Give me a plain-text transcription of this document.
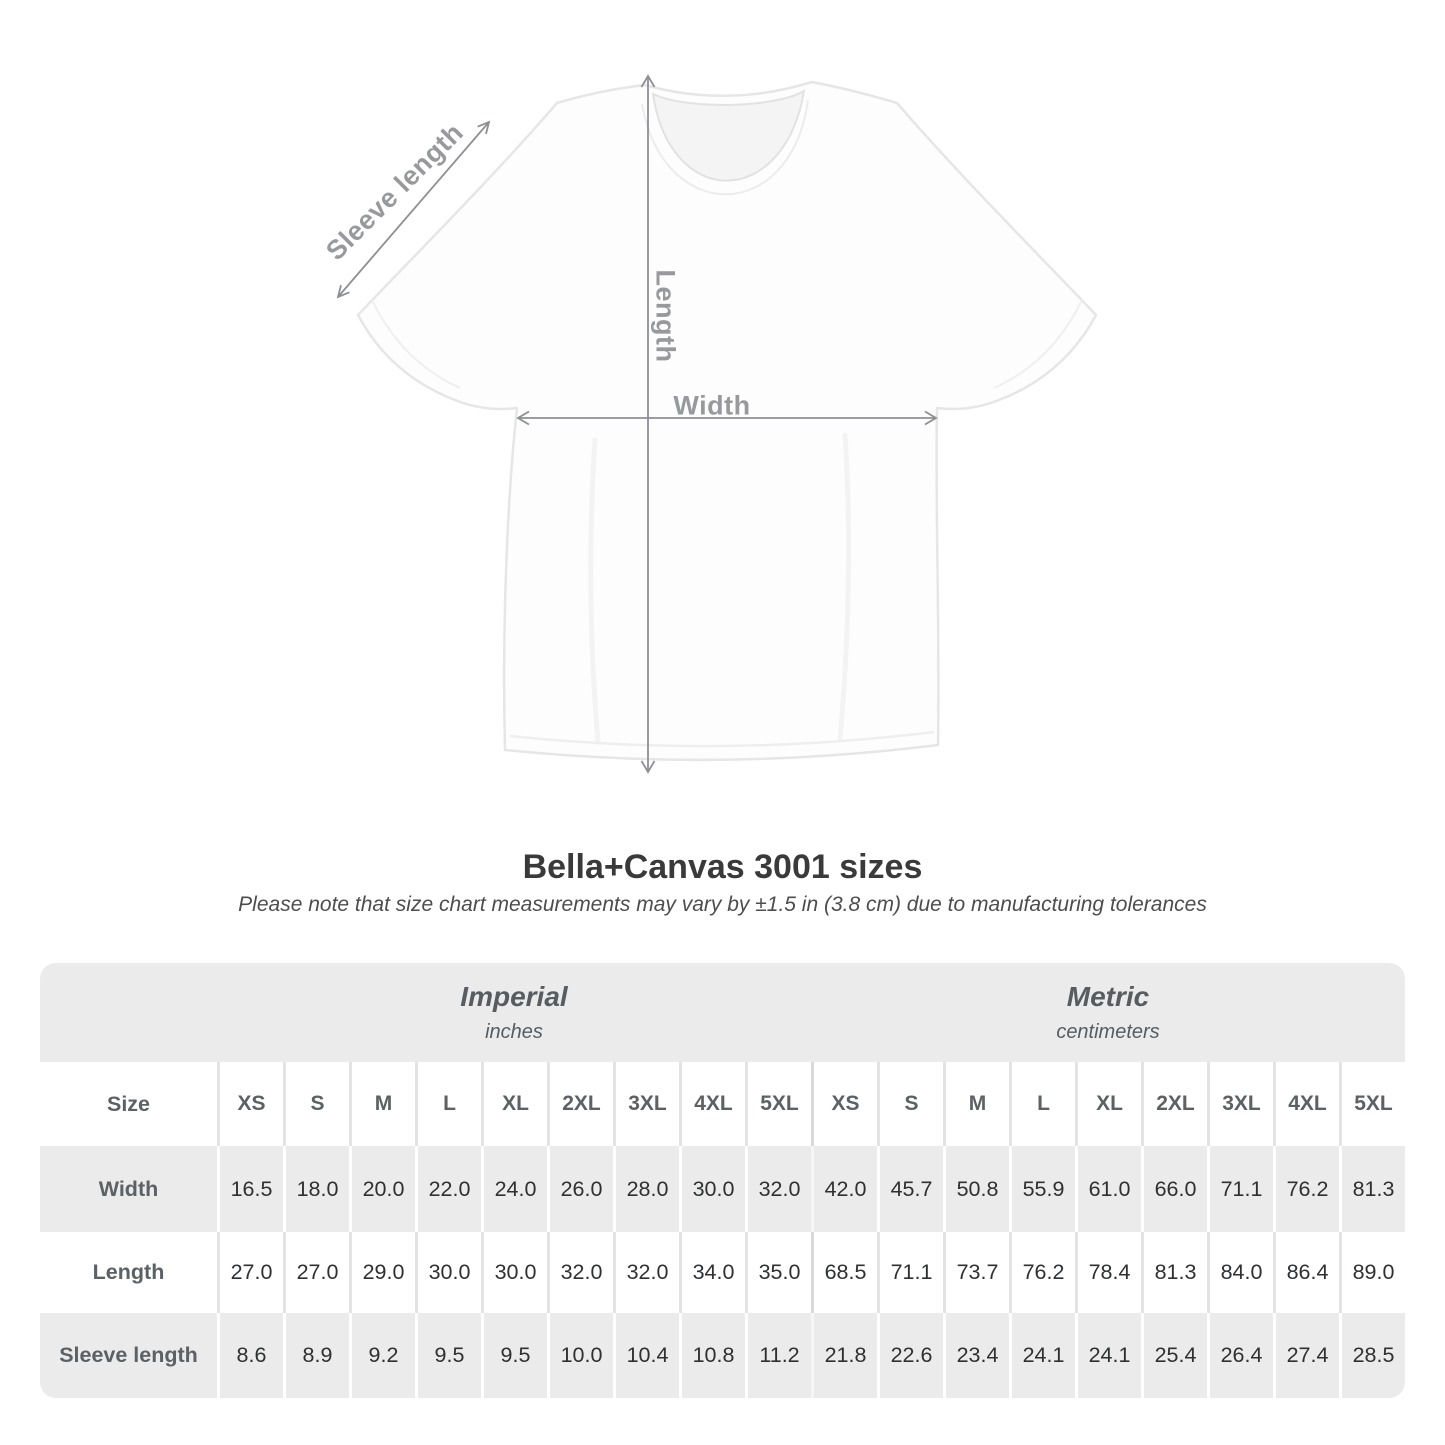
Sleeve length
Length
Width
Bella+Canvas 3001 sizes

Please note that size chart measurements may vary by ±1.5 in (3.8 cm) due to manufacturing tolerances

Imperial
inches
Metric
centimeters
Size	XS	S	M	L	XL	2XL	3XL	4XL	5XL	XS	S	M	L	XL	2XL	3XL	4XL	5XL
Width	16.5	18.0	20.0	22.0	24.0	26.0	28.0	30.0	32.0	42.0	45.7	50.8	55.9	61.0	66.0	71.1	76.2	81.3
Length	27.0	27.0	29.0	30.0	30.0	32.0	32.0	34.0	35.0	68.5	71.1	73.7	76.2	78.4	81.3	84.0	86.4	89.0
Sleeve length	8.6	8.9	9.2	9.5	9.5	10.0	10.4	10.8	11.2	21.8	22.6	23.4	24.1	24.1	25.4	26.4	27.4	28.5
